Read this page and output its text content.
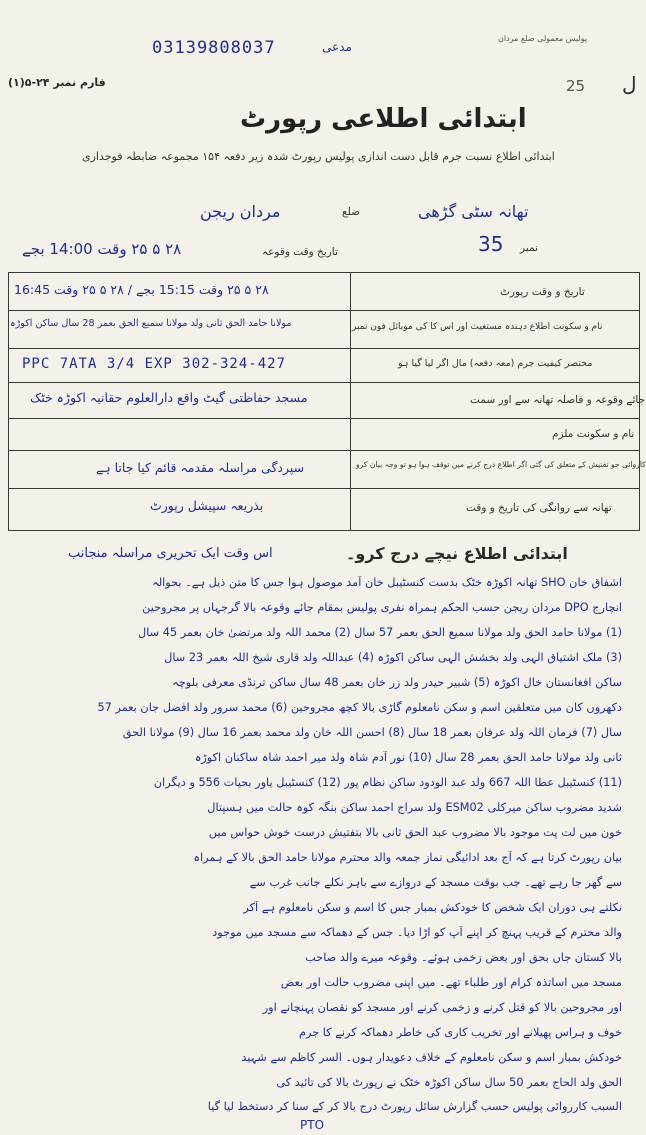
03139808037	مدعی
پولیس معمولی ضلع مردان
ل
25
فارم نمبر ۲۴-۵(۱)
ابتدائی اطلاعی رپورٹ
ابتدائی اطلاع نسبت جرم قابل دست اندازی پولیس رپورٹ شدہ زیر دفعہ ۱۵۴ مجموعہ ضابطہ فوجداری
تھانہ سٹی گڑھی
ضلع
مردان ریجن
نمبر
35
تاریخ وقت وقوعہ
۲۸ ۵ ۲۵ وقت 14:00 بجے
تاریخ و وقت رپورٹ
نام و سکونت اطلاع دہندہ مستغیث اور اس کا کی موبائل فون نمبر
مختصر کیفیت جرم (معہ دفعہ) مال اگر لیا گیا ہو
جائے وقوعہ و فاصلہ تھانہ سے اور سمت
نام و سکونت ملزم
کاروائی جو تفتیش کے متعلق کی گئی اگر اطلاع درج کرنے میں توقف ہوا ہو تو وجہ بیان کرو
تھانہ سے روانگی کی تاریخ و وقت
۲۸ ۵ ۲۵ وقت 15:15 بجے / ۲۸ ۵ ۲۵ وقت 16:45
مولانا حامد الحق ثانی ولد مولانا سمیع الحق بعمر 28 سال ساکن اکوڑہ
PPC 7ATA 3/4 EXP 302-324-427
مسجد حفاظتی گیٹ واقع دارالعلوم حقانیہ اکوڑہ خٹک
سپردگی مراسلہ مقدمہ قائم کیا جاتا ہے
بذریعہ سپیشل رپورٹ
ابتدائی اطلاع نیچے درج کرو۔
اس وقت ایک تحریری مراسلہ منجانب
اشفاق خان SHO تھانہ اکوڑہ خٹک بدست کنسٹیبل خان آمد موصول ہوا جس کا متن ذیل ہے۔ بحوالہ
انچارج DPO مردان ریجن حسب الحکم ہمراہ نفری پولیس بمقام جائے وقوعہ بالا گرجہاں پر مجروحین
(1) مولانا حامد الحق ولد مولانا سمیع الحق بعمر 57 سال (2) محمد اللہ ولد مرتضیٰ خان بعمر 45 سال
(3) ملک اشتیاق الٰہی ولد بخشش الٰہی ساکن اکوڑہ (4) عبداللہ ولد قاری شیخ اللہ بعمر 23 سال
ساکن افغانستان خال اکوڑہ (5) شبیر حیدر ولد زر خان بعمر 48 سال ساکن ترنڈی معرفی بلوچہ
دکھروں کان میں متعلقین اسم و سکن نامعلوم گاڑی بالا کچھ مجروحین (6) محمد سرور ولد افضل جان بعمر 57
سال (7) فرمان اللہ ولد عرفان بعمر 18 سال (8) احسن اللہ خان ولد محمد بعمر 16 سال (9) مولانا الحق
ثانی ولد مولانا حامد الحق بعمر 28 سال (10) نور آدم شاہ ولد میر احمد شاہ ساکنان اکوڑہ
(11) کنسٹیبل عطا اللہ 667 ولد عبد الودود ساکن نظام پور (12) کنسٹیبل یاور بحیات 556 و دیگران
شدید مضروب ساکن میرکلی ESM02 ولد سراج احمد ساکن بنگہ کوہ حالت میں ہسپتال
خون میں لت پت موجود بالا مضروب عبد الحق ثانی بالا بتفتیش درست خوش حواس میں
بیان رپورٹ کرتا ہے کہ آج بعد ادائیگی نماز جمعہ والد محترم مولانا حامد الحق بالا کے ہمراہ
سے گھر جا رہے تھے۔ جب بوقت مسجد کے دروازے سے باہر نکلے جانب غرب سے
نکلتے ہی دوران ایک شخص کا خودکش بمبار جس کا اسم و سکن نامعلوم ہے آکر
والد محترم کے قریب پہنچ کر اپنے آپ کو اڑا دیا۔ جس کے دھماکہ سے مسجد میں موجود
بالا کستان جاں بحق اور بعض زخمی ہوئے۔ وقوعہ میرے والد صاحب
مسجد میں اساتذہ کرام اور طلباء تھے۔ میں اپنی مضروب حالت اور بعض
اور مجروحین بالا کو قتل کرنے و زخمی کرنے اور مسجد کو نقصان پہنچانے اور
خوف و ہراس پھیلانے اور تخریب کاری کی خاطر دھماکہ کرنے کا جرم
خودکش بمبار اسم و سکن نامعلوم کے خلاف دعویدار ہوں۔ السر کاظم سے شہید
الحق ولد الحاج بعمر 50 سال ساکن اکوڑہ خٹک نے رپورٹ بالا کی تائید کی
السبب کارروائی پولیس حسب گزارش سائل رپورٹ درج بالا کر کے سنا کر دستخط لیا گیا
PTO
